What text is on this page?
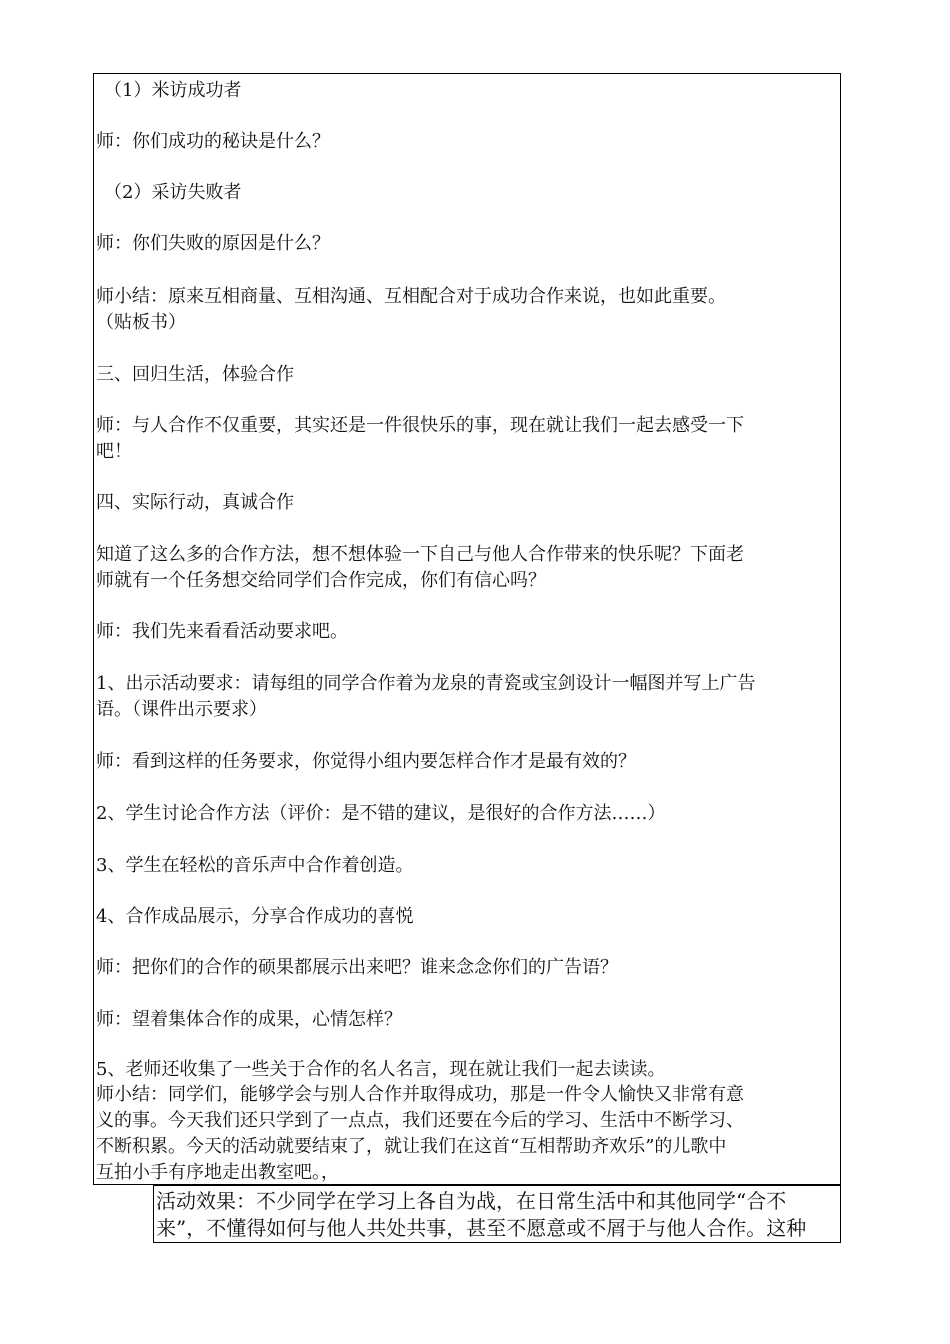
（1）米访成功者
师：你们成功的秘诀是什么？
（2）采访失败者
师：你们失败的原因是什么？
师小结：原来互相商量、互相沟通、互相配合对于成功合作来说，也如此重要。
（贴板书）
三、回归生活，体验合作
师：与人合作不仅重要，其实还是一件很快乐的事，现在就让我们一起去感受一下
吧！
四、实际行动，真诚合作
知道了这么多的合作方法，想不想体验一下自己与他人合作带来的快乐呢？下面老
师就有一个任务想交给同学们合作完成，你们有信心吗？
师：我们先来看看活动要求吧。
1、出示活动要求：请每组的同学合作着为龙泉的青瓷或宝剑设计一幅图并写上广告
语。（课件出示要求）
师：看到这样的任务要求，你觉得小组内要怎样合作才是最有效的？
2、学生讨论合作方法（评价：是不错的建议，是很好的合作方法……）
3、学生在轻松的音乐声中合作着创造。
4、合作成品展示，分享合作成功的喜悦
师：把你们的合作的硕果都展示出来吧？谁来念念你们的广告语？
师：望着集体合作的成果，心情怎样？
5、老师还收集了一些关于合作的名人名言，现在就让我们一起去读读。
师小结：同学们，能够学会与别人合作并取得成功，那是一件令人愉快又非常有意
义的事。今天我们还只学到了一点点，我们还要在今后的学习、生活中不断学习、
不断积累。今天的活动就要结束了，就让我们在这首“互相帮助齐欢乐”的儿歌中
互拍小手有序地走出教室吧。，
活动效果：不少同学在学习上各自为战，在日常生活中和其他同学“合不
来”，不懂得如何与他人共处共事，甚至不愿意或不屑于与他人合作。这种
